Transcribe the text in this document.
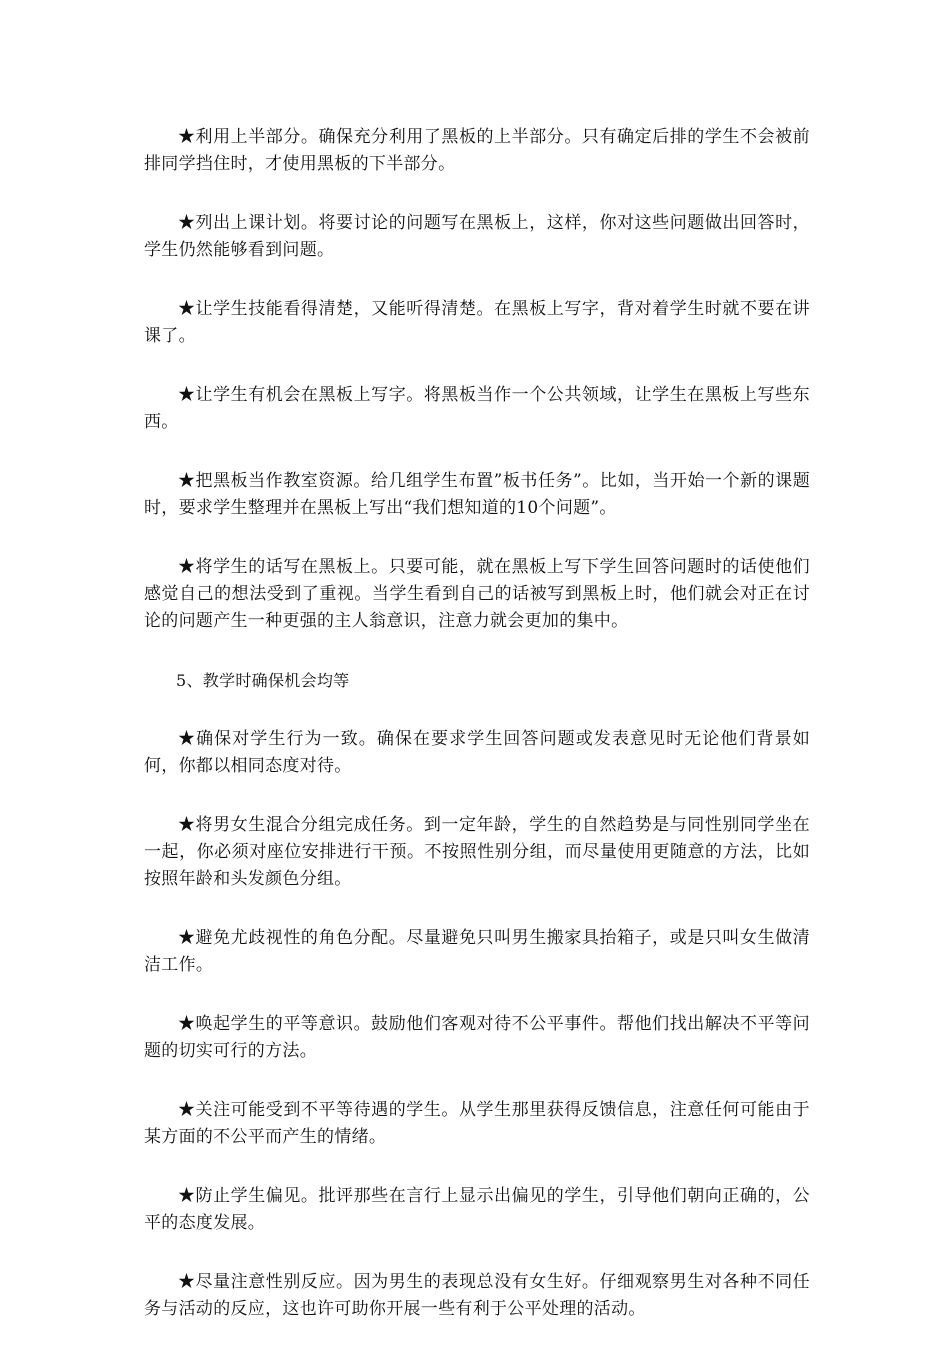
★利用上半部分。确保充分利用了黑板的上半部分。只有确定后排的学生不会被前排同学挡住时，才使用黑板的下半部分。

★列出上课计划。将要讨论的问题写在黑板上，这样，你对这些问题做出回答时，学生仍然能够看到问题。

★让学生技能看得清楚，又能听得清楚。在黑板上写字，背对着学生时就不要在讲课了。

★让学生有机会在黑板上写字。将黑板当作一个公共领域，让学生在黑板上写些东西。

★把黑板当作教室资源。给几组学生布置”板书任务”。比如，当开始一个新的课题时，要求学生整理并在黑板上写出“我们想知道的10个问题”。

★将学生的话写在黑板上。只要可能，就在黑板上写下学生回答问题时的话使他们感觉自己的想法受到了重视。当学生看到自己的话被写到黑板上时，他们就会对正在讨论的问题产生一种更强的主人翁意识，注意力就会更加的集中。

5、教学时确保机会均等

★确保对学生行为一致。确保在要求学生回答问题或发表意见时无论他们背景如何，你都以相同态度对待。

★将男女生混合分组完成任务。到一定年龄，学生的自然趋势是与同性别同学坐在一起，你必须对座位安排进行干预。不按照性别分组，而尽量使用更随意的方法，比如按照年龄和头发颜色分组。

★避免尤歧视性的角色分配。尽量避免只叫男生搬家具抬箱子，或是只叫女生做清洁工作。

★唤起学生的平等意识。鼓励他们客观对待不公平事件。帮他们找出解决不平等问题的切实可行的方法。

★关注可能受到不平等待遇的学生。从学生那里获得反馈信息，注意任何可能由于某方面的不公平而产生的情绪。

★防止学生偏见。批评那些在言行上显示出偏见的学生，引导他们朝向正确的，公平的态度发展。

★尽量注意性别反应。因为男生的表现总没有女生好。仔细观察男生对各种不同任务与活动的反应，这也许可助你开展一些有利于公平处理的活动。
